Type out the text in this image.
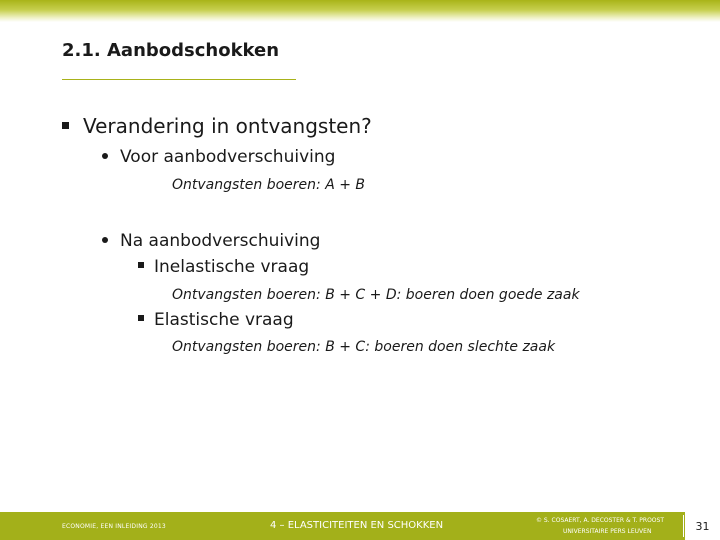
2.1. Aanbodschokken
Verandering in ontvangsten?
Voor aanbodverschuiving
Ontvangsten boeren: A + B
Na aanbodverschuiving
Inelastische vraag
Ontvangsten boeren: B + C + D: boeren doen goede zaak
Elastische vraag
Ontvangsten boeren: B + C: boeren doen slechte zaak
ECONOMIE, EEN INLEIDING 2013	4 – ELASTICITEITEN EN SCHOKKEN	© S. COSAERT, A. DECOSTER & T. PROOST
UNIVERSITAIRE PERS LEUVEN	31
